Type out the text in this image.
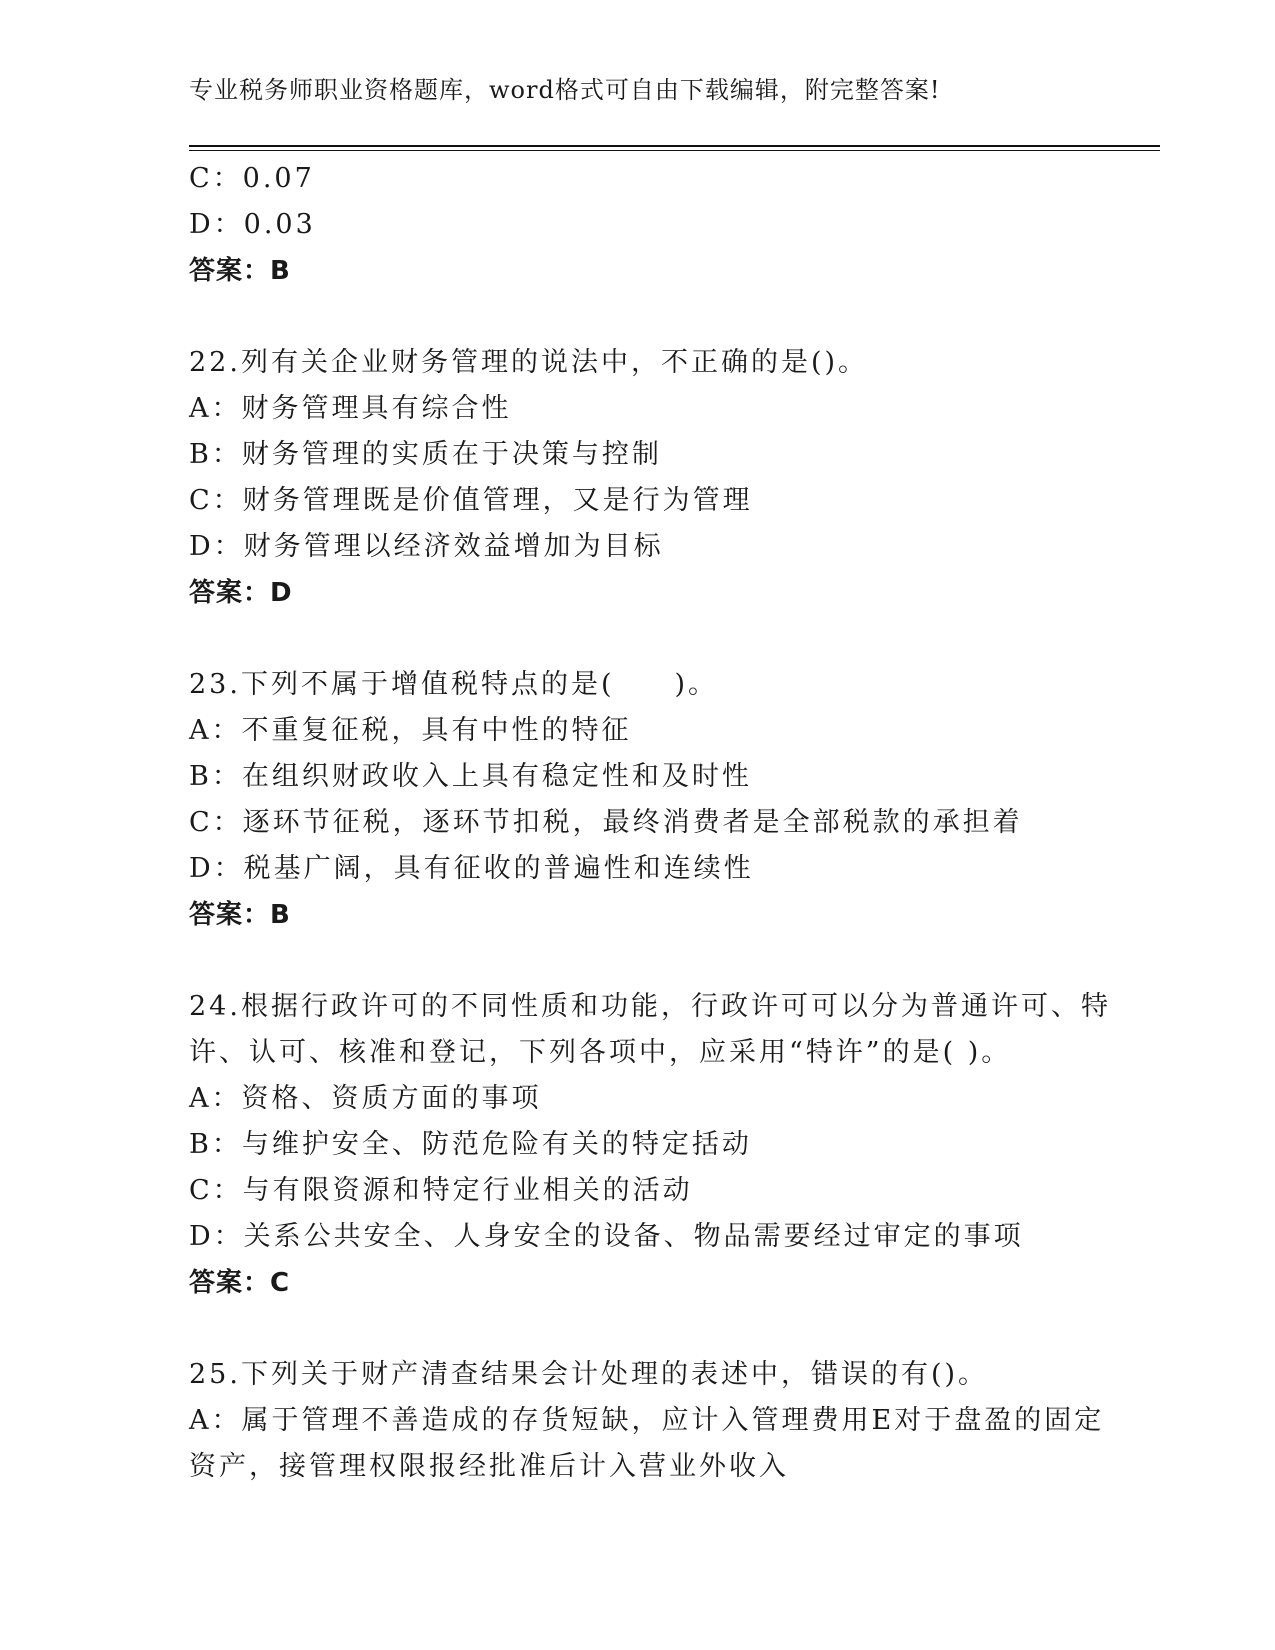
专业税务师职业资格题库，word格式可自由下载编辑，附完整答案!
C：0.07
D：0.03
答案：B
22.列有关企业财务管理的说法中，不正确的是()。
A：财务管理具有综合性
B：财务管理的实质在于决策与控制
C：财务管理既是价值管理，又是行为管理
D：财务管理以经济效益增加为目标
答案：D
23.下列不属于增值税特点的是(　　)。
A：不重复征税，具有中性的特征
B：在组织财政收入上具有稳定性和及时性
C：逐环节征税，逐环节扣税，最终消费者是全部税款的承担着
D：税基广阔，具有征收的普遍性和连续性
答案：B
24.根据行政许可的不同性质和功能，行政许可可以分为普通许可、特
许、认可、核准和登记，下列各项中，应采用“特许”的是( )。
A：资格、资质方面的事项
B：与维护安全、防范危险有关的特定括动
C：与有限资源和特定行业相关的活动
D：关系公共安全、人身安全的设备、物品需要经过审定的事项
答案：C
25.下列关于财产清查结果会计处理的表述中，错误的有()。
A：属于管理不善造成的存货短缺，应计入管理费用E对于盘盈的固定
资产，接管理权限报经批准后计入营业外收入
